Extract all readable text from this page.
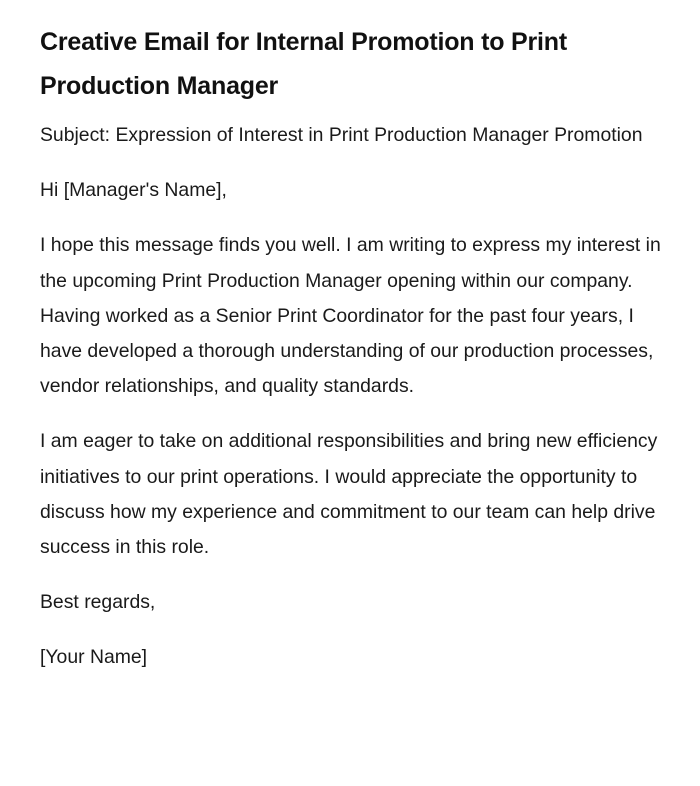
Creative Email for Internal Promotion to Print Production Manager

Subject: Expression of Interest in Print Production Manager Promotion

Hi [Manager's Name],

I hope this message finds you well. I am writing to express my interest in the upcoming Print Production Manager opening within our company. Having worked as a Senior Print Coordinator for the past four years, I have developed a thorough understanding of our production processes, vendor relationships, and quality standards.

I am eager to take on additional responsibilities and bring new efficiency initiatives to our print operations. I would appreciate the opportunity to discuss how my experience and commitment to our team can help drive success in this role.

Best regards,

[Your Name]
